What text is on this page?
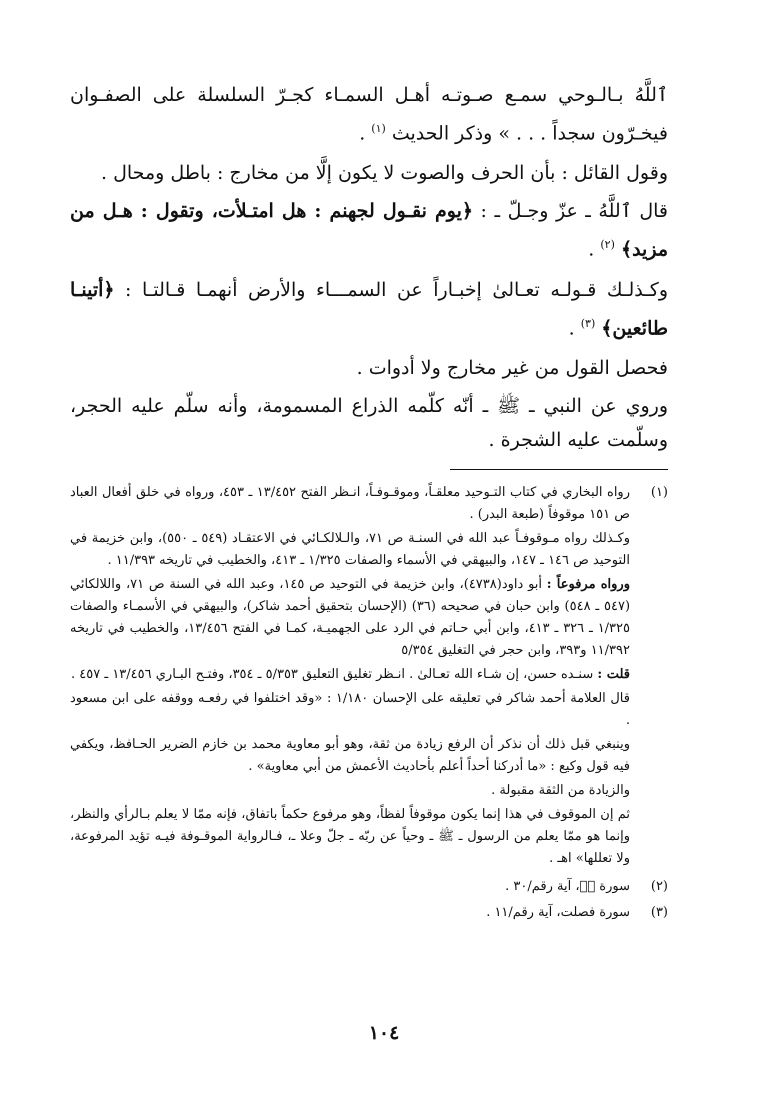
ٱللَّهُ بـالـوحي سمـع صـوتـه أهـل السمـاء كجـرّ السلسلة على الصفـوان فيخـرّون سجداً . . . » وذكر الحديث $^{(١)}$ .

وقول القائل : بأن الحرف والصوت لا يكون إلَّا من مخارج : باطل ومحال .

قال ٱللَّهُ ـ عزّ وجـلّ ـ : ﴿يوم نقـول لجهنم : هل امتـلأت، وتقول : هـل من مزيد﴾ $^{(٢)}$ .

وكـذلـك قـولـه تعـالىٰ إخبـاراً عن السمـــاء والأرض أنهمـا قـالتـا : ﴿أتينـا طائعين﴾ $^{(٣)}$ .

فحصل القول من غير مخارج ولا أدوات .

وروي عن النبي ـ ﷺ ـ أنّه كلّمه الذراع المسمومة، وأنه سلّم عليه الحجر، وسلّمت عليه الشجرة .

(١)

رواه البخاري في كتاب التـوحيد معلقـاً، وموقـوفـاً، انـظر الفتح ١٣/٤٥٢ ـ ٤٥٣، ورواه في خلق أفعال العباد ص ١٥١ موقوفاً (طبعة البدر) .

وكـذلك رواه مـوقوفـاً عبد الله في السنـة ص ٧١، والـلالكـائي في الاعتقـاد (٥٤٩ ـ ٥٥٠)، وابن خزيمة في التوحيد ص ١٤٦ ـ ١٤٧، والبيهقي في الأسماء والصفات ١/٣٢٥ ـ ٤١٣، والخطيب في تاريخه ١١/٣٩٣ .

ورواه مرفوعاً : أبو داود(٤٧٣٨)، وابن خزيمة في التوحيد ص ١٤٥، وعبد الله في السنة ص ٧١، واللالكائي (٥٤٧ ـ ٥٤٨) وابن حبان في صحيحه (٣٦) (الإحسان بتحقيق أحمد شاكر)، والبيهقي في الأسمـاء والصفات ١/٣٢٥ ـ ٣٢٦ ـ ٤١٣، وابن أبي حـاتم في الرد على الجهميـة، كمـا في الفتح ١٣/٤٥٦، والخطيب في تاريخه ١١/٣٩٢ و٣٩٣، وابن حجر في التغليق ٥/٣٥٤

قلت : سنـده حسن، إن شـاء الله تعـالىٰ . انـظر تغليق التعليق ٥/٣٥٣ ـ ٣٥٤، وفتـح البـاري ١٣/٤٥٦ ـ ٤٥٧ .

قال العلامة أحمد شاكر في تعليقه على الإحسان ١/١٨٠ : «وقد اختلفوا في رفعـه ووقفه على ابن مسعود .

وينبغي قبل ذلك أن نذكر أن الرفع زيادة من ثقة، وهو أبو معاوية محمد بن خازم الضرير الحـافظ، ويكفي فيه قول وكيع : «ما أدركنا أحداً أعلم بأحاديث الأعمش من أبي معاوية» .

والزيادة من الثقة مقبولة .

ثم إن الموقوف في هذا إنما يكون موقوفاً لفظاً، وهو مرفوع حكماً باتفاق، فإنه ممّا لا يعلم بـالرأي والنظر، وإنما هو ممّا يعلم من الرسول ـ ﷺ ـ وحياً عن ربّه ـ جلّ وعلا ـ، فـالرواية الموقـوفة فيـه تؤيد المرفوعة، ولا تعللها» اهـ .

(٢)
سورة قۤ، آية رقم/٣٠ .
(٣)
سورة فصلت، آية رقم/١١ .
١٠٤
